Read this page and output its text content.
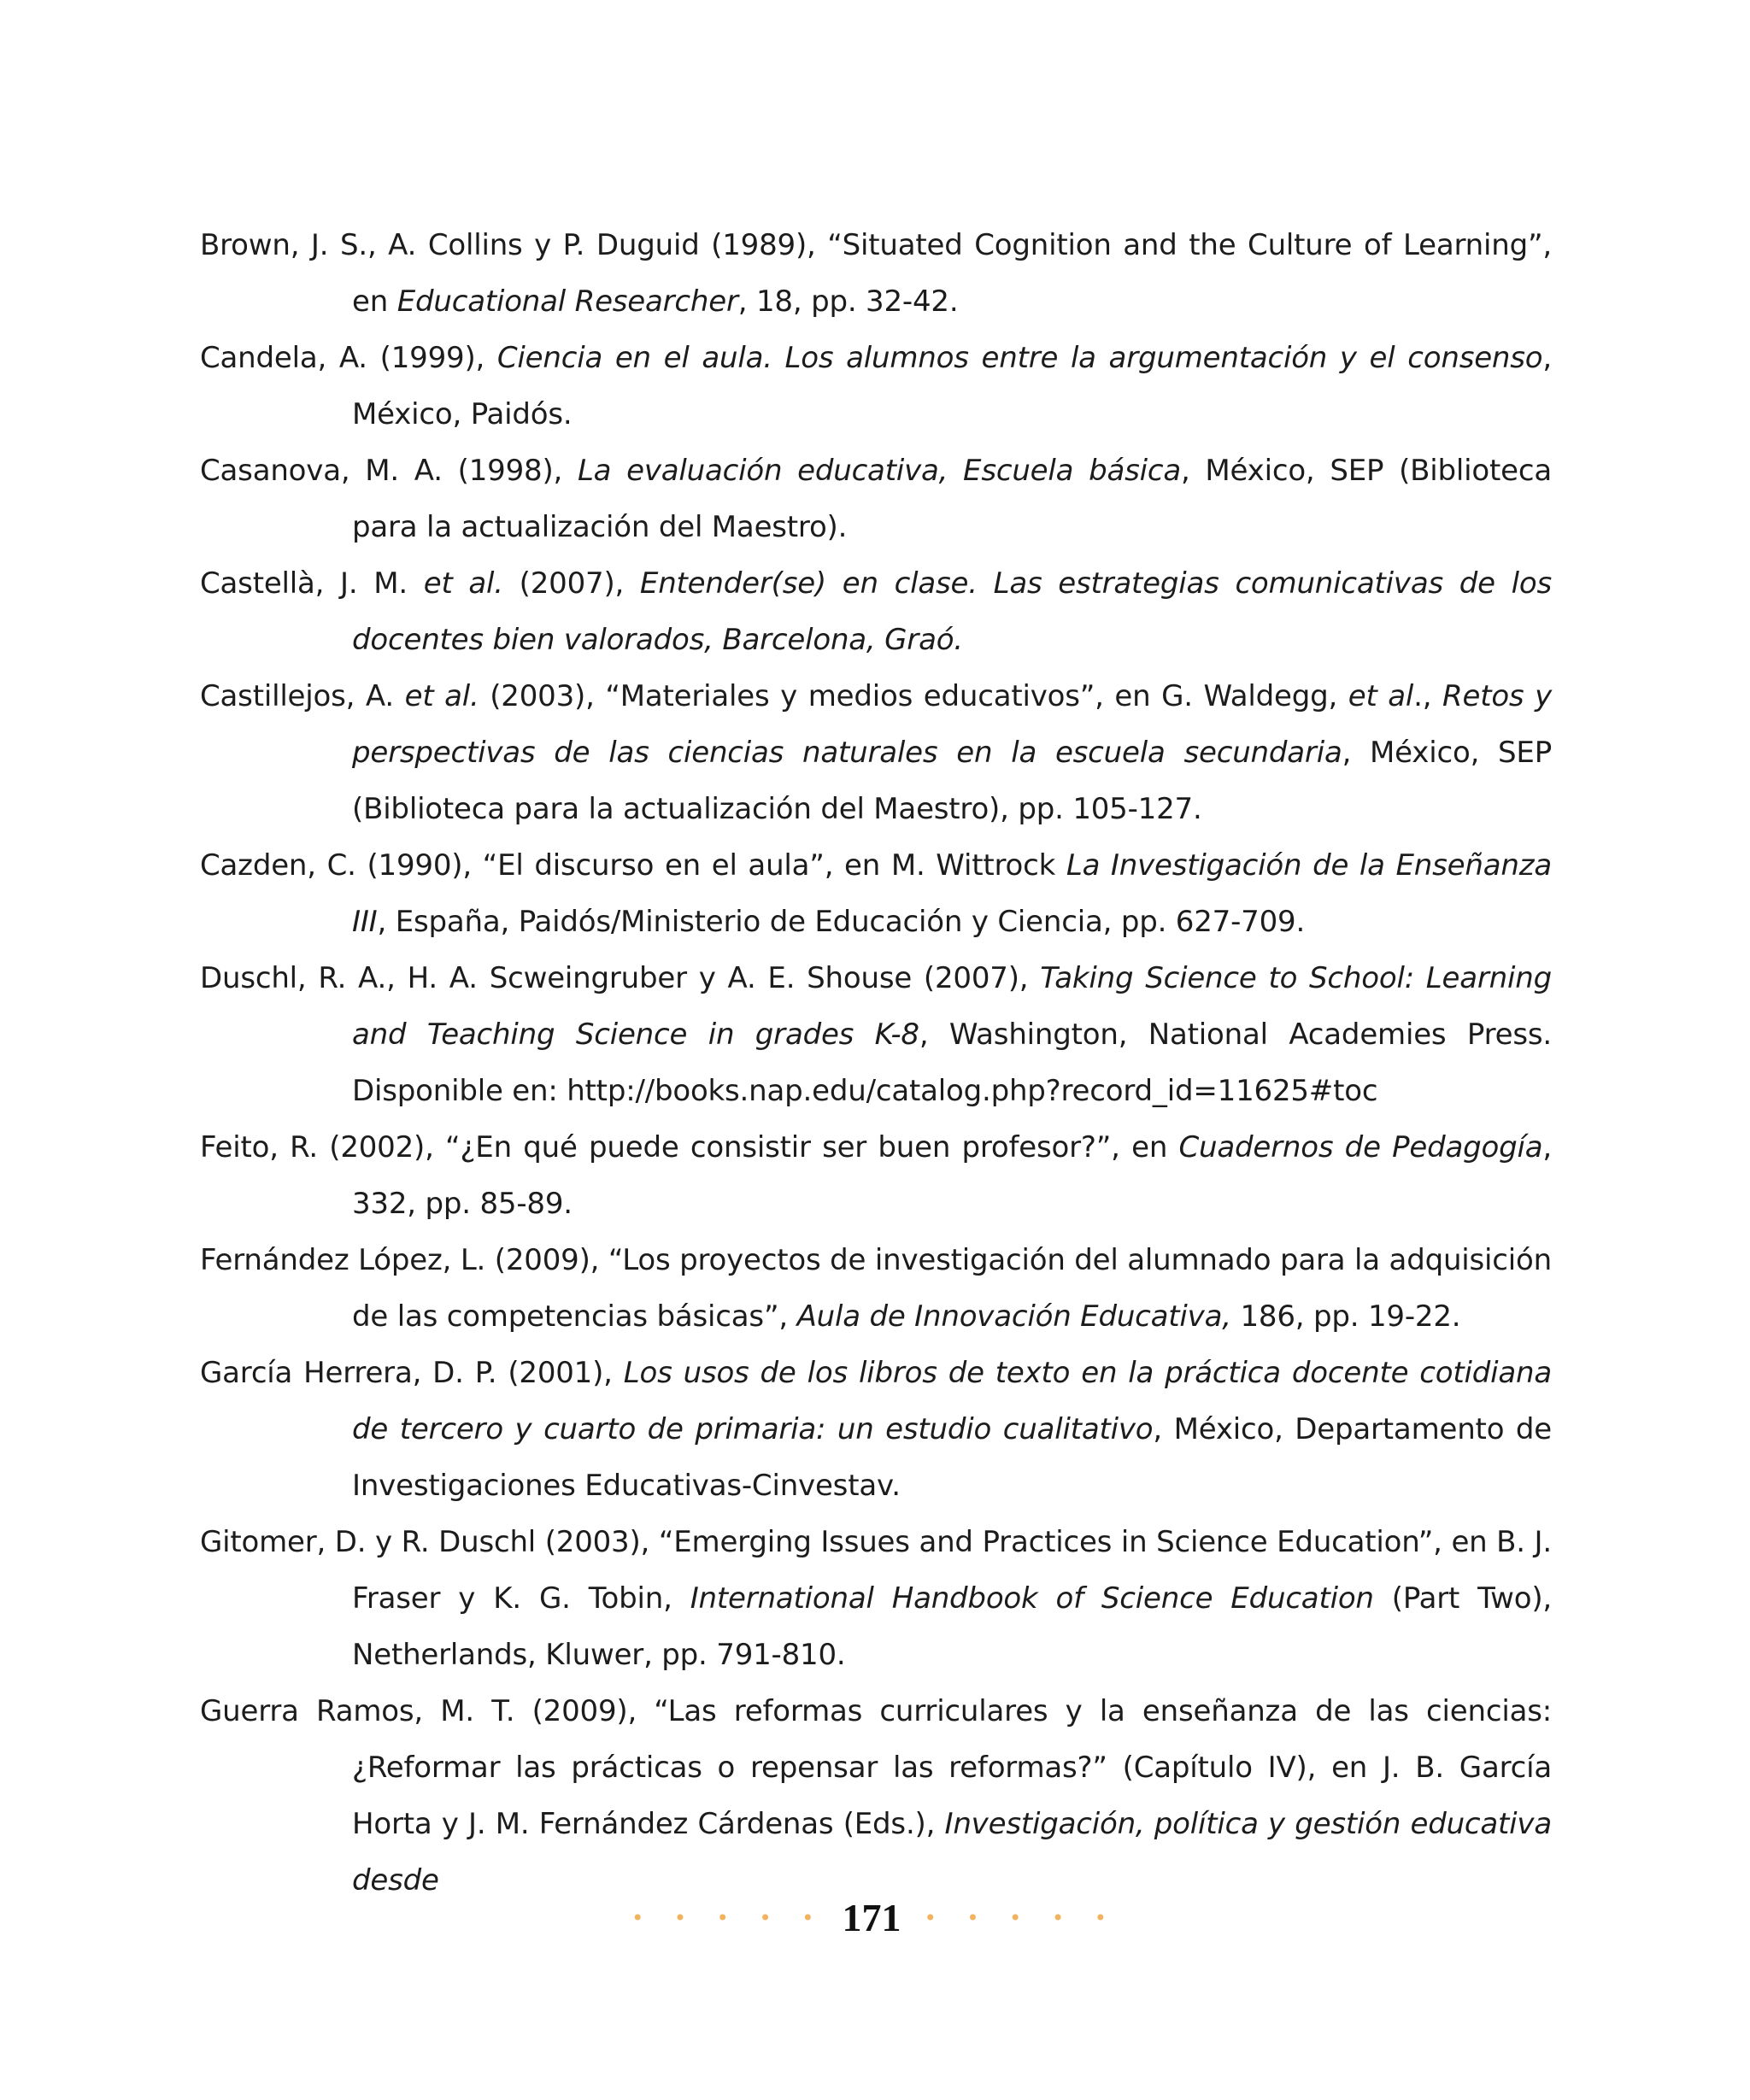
Brown, J. S., A. Collins y P. Duguid (1989), “Situated Cognition and the Culture of Learning”, en Educational Researcher, 18, pp. 32-42.

Candela, A. (1999), Ciencia en el aula. Los alumnos entre la argumentación y el consenso, México, Paidós.

Casanova, M. A. (1998), La evaluación educativa, Escuela básica, México, SEP (Biblioteca para la actualización del Maestro).

Castellà, J. M. et al. (2007), Entender(se) en clase. Las estrategias comunicativas de los docentes bien valorados, Barcelona, Graó.

Castillejos, A. et al. (2003), “Materiales y medios educativos”, en G. Waldegg, et al., Retos y perspectivas de las ciencias naturales en la escuela secundaria, México, SEP (Biblioteca para la actualización del Maestro), pp. 105-127.

Cazden, C. (1990), “El discurso en el aula”, en M. Wittrock La Investigación de la Enseñanza III, España, Paidós/Ministerio de Educación y Ciencia, pp. 627-709.

Duschl, R. A., H. A. Scweingruber y A. E. Shouse (2007), Taking Science to School: Learning and Teaching Science in grades K-8, Washington, National Academies Press. Disponible en: http://books.nap.edu/catalog.php?record_id=11625#toc

Feito, R. (2002), “¿En qué puede consistir ser buen profesor?”, en Cuadernos de Pedagogía, 332, pp. 85-89.

Fernández López, L. (2009), “Los proyectos de investigación del alumnado para la adquisición de las competencias básicas”, Aula de Innovación Educativa, 186, pp. 19-22.

García Herrera, D. P. (2001), Los usos de los libros de texto en la práctica docente cotidiana de tercero y cuarto de primaria: un estudio cualitativo, México, Departamento de Investigaciones Educativas-Cinvestav.

Gitomer, D. y R. Duschl (2003), “Emerging Issues and Practices in Science Education”, en B. J. Fraser y K. G. Tobin, International Handbook of Science Education (Part Two), Netherlands, Kluwer, pp. 791-810.

Guerra Ramos, M. T. (2009), “Las reformas curriculares y la enseñanza de las ciencias: ¿Reformar las prácticas o repensar las reformas?” (Capítulo IV), en J. B. García Horta y J. M. Fernández Cárdenas (Eds.), Investigación, política y gestión educativa desde

• • • • • 171 • • • • •
